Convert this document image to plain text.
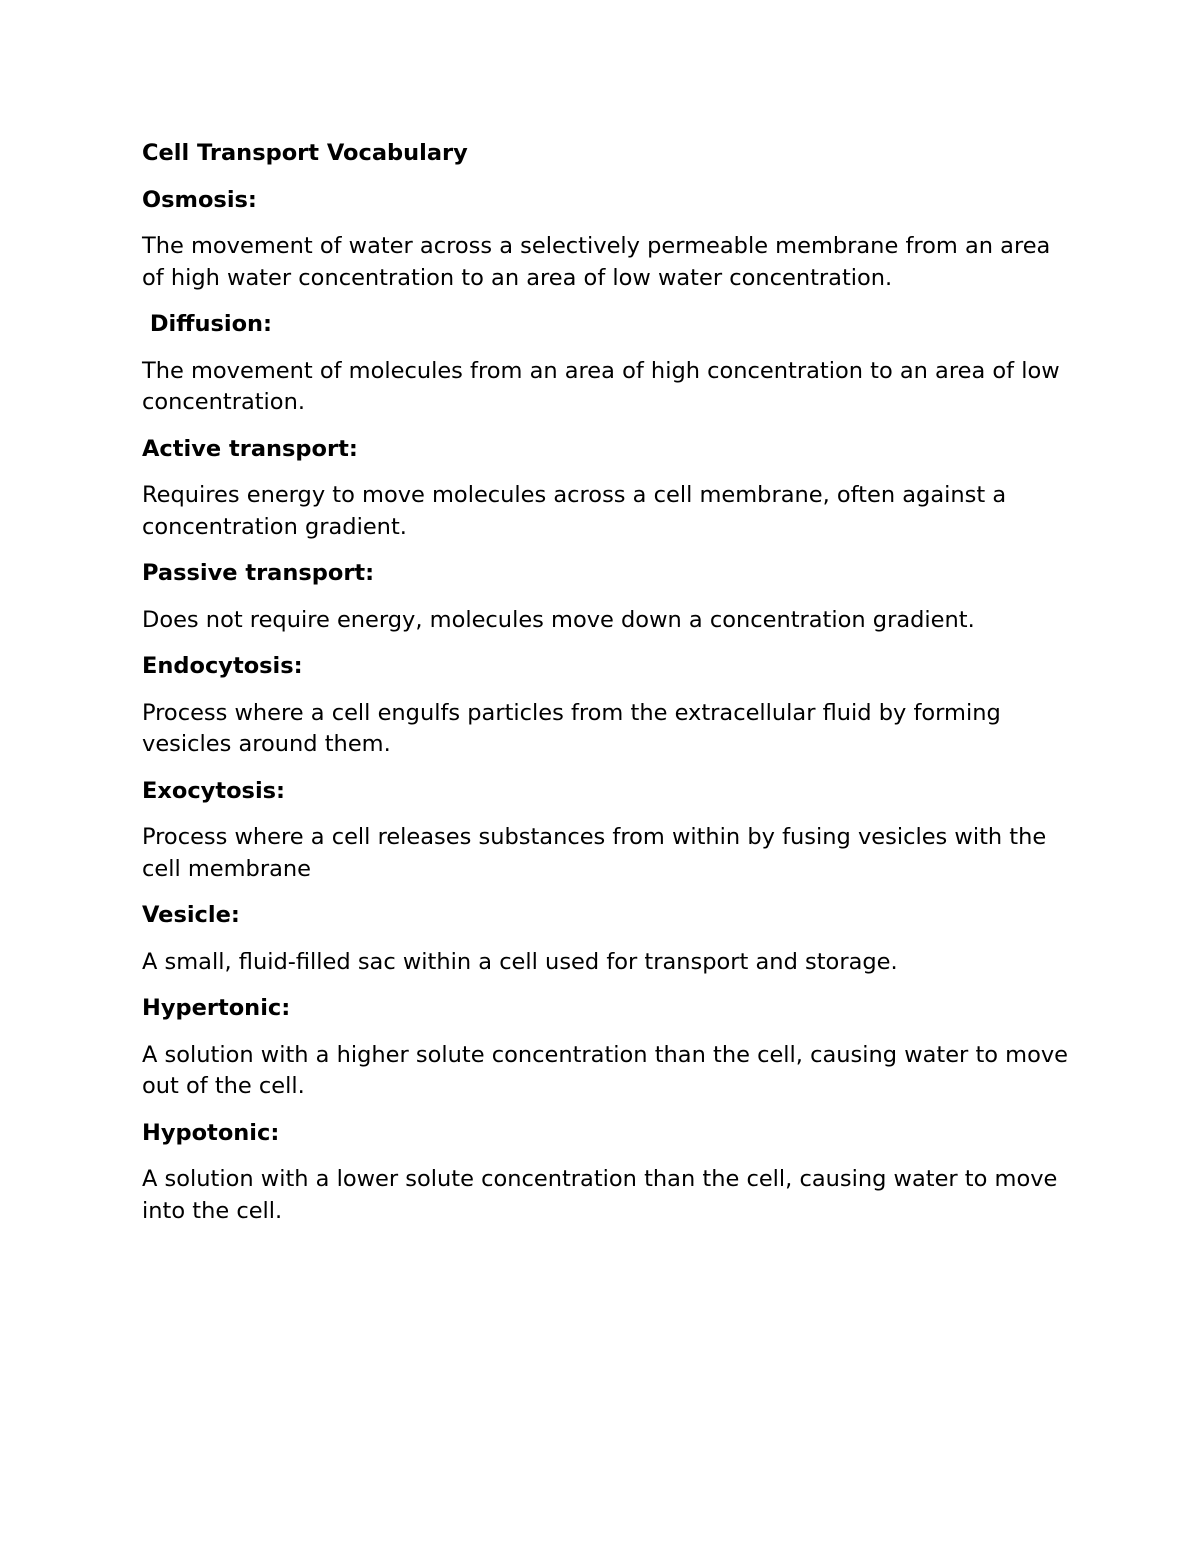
Cell Transport Vocabulary
Osmosis:
The movement of water across a selectively permeable membrane from an area of high water concentration to an area of low water concentration.
Diffusion:
The movement of molecules from an area of high concentration to an area of low concentration.
Active transport:
Requires energy to move molecules across a cell membrane, often against a concentration gradient.
Passive transport:
Does not require energy, molecules move down a concentration gradient.
Endocytosis:
Process where a cell engulfs particles from the extracellular fluid by forming vesicles around them.
Exocytosis:
Process where a cell releases substances from within by fusing vesicles with the cell membrane
Vesicle:
A small, fluid-filled sac within a cell used for transport and storage.
Hypertonic:
A solution with a higher solute concentration than the cell, causing water to move out of the cell.
Hypotonic:
A solution with a lower solute concentration than the cell, causing water to move into the cell.
